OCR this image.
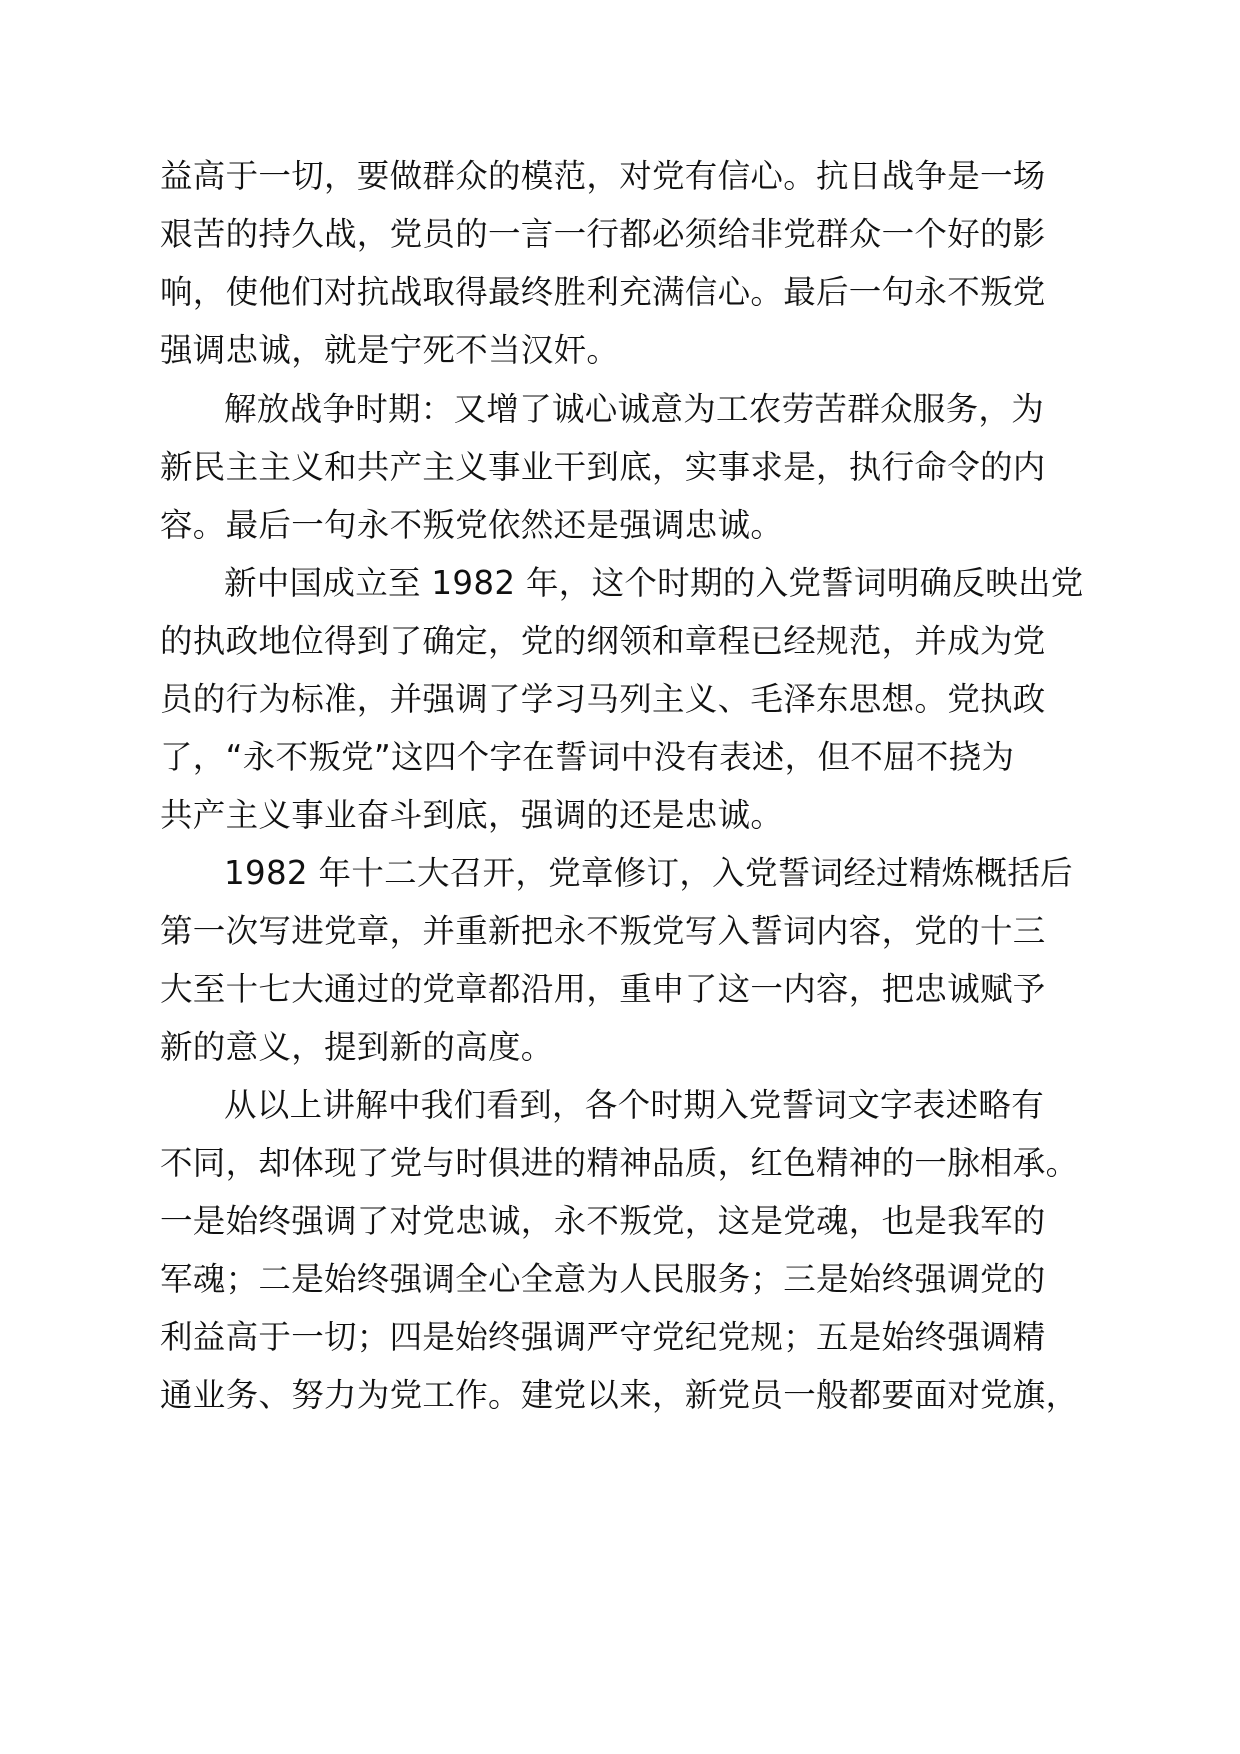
益高于一切，要做群众的模范，对党有信心。抗日战争是一场

艰苦的持久战，党员的一言一行都必须给非党群众一个好的影

响，使他们对抗战取得最终胜利充满信心。最后一句永不叛党

强调忠诚，就是宁死不当汉奸。

解放战争时期：又增了诚心诚意为工农劳苦群众服务，为

新民主主义和共产主义事业干到底，实事求是，执行命令的内

容。最后一句永不叛党依然还是强调忠诚。

新中国成立至 1982 年，这个时期的入党誓词明确反映出党

的执政地位得到了确定，党的纲领和章程已经规范，并成为党

员的行为标准，并强调了学习马列主义、毛泽东思想。党执政

了，“永不叛党”这四个字在誓词中没有表述，但不屈不挠为

共产主义事业奋斗到底，强调的还是忠诚。

1982 年十二大召开，党章修订，入党誓词经过精炼概括后

第一次写进党章，并重新把永不叛党写入誓词内容，党的十三

大至十七大通过的党章都沿用，重申了这一内容，把忠诚赋予

新的意义，提到新的高度。

从以上讲解中我们看到，各个时期入党誓词文字表述略有

不同，却体现了党与时俱进的精神品质，红色精神的一脉相承。

一是始终强调了对党忠诚，永不叛党，这是党魂，也是我军的

军魂；二是始终强调全心全意为人民服务；三是始终强调党的

利益高于一切；四是始终强调严守党纪党规；五是始终强调精

通业务、努力为党工作。建党以来，新党员一般都要面对党旗，
